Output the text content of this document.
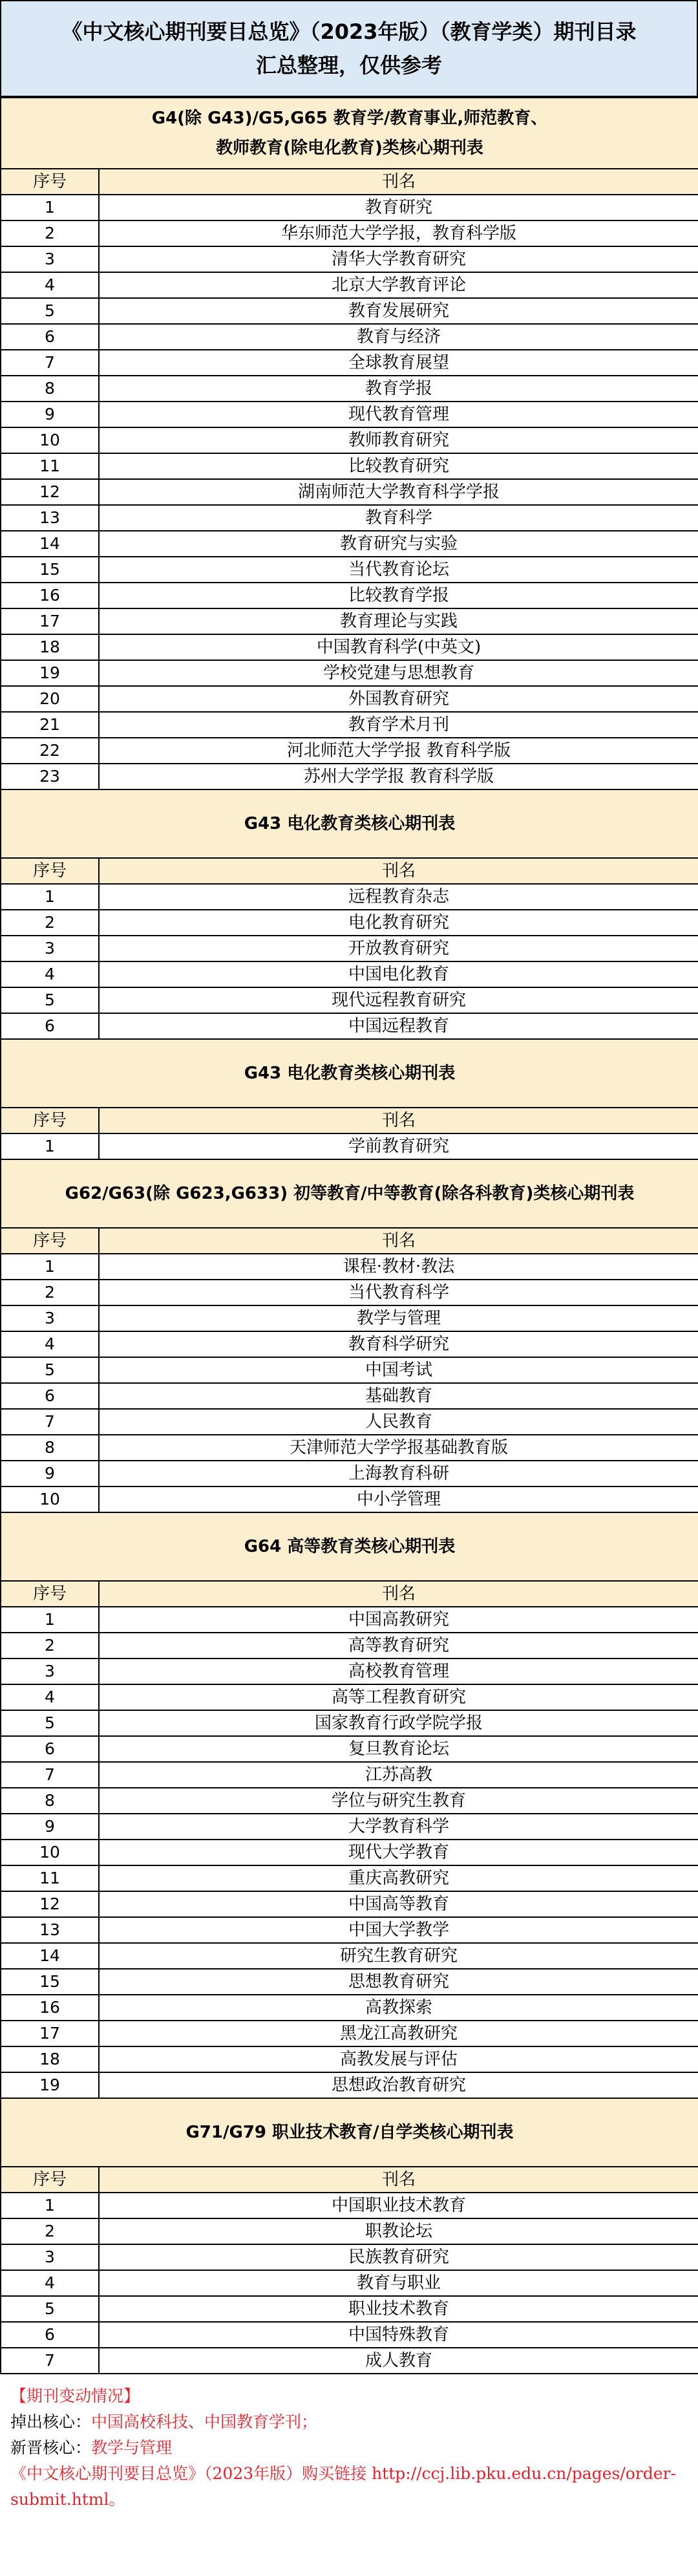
《中文核心期刊要目总览》（2023年版）（教育学类）期刊目录
汇总整理，仅供参考
G4(除 G43)/G5,G65 教育学/教育事业,师范教育、
教师教育(除电化教育)类核心期刊表	

序号	刊名
1	教育研究
2	华东师范大学学报，教育科学版
3	清华大学教育研究
4	北京大学教育评论
5	教育发展研究
6	教育与经济
7	全球教育展望
8	教育学报
9	现代教育管理
10	教师教育研究
11	比较教育研究
12	湖南师范大学教育科学学报
13	教育科学
14	教育研究与实验
15	当代教育论坛
16	比较教育学报
17	教育理论与实践
18	中国教育科学(中英文)
19	学校党建与思想教育
20	外国教育研究
21	教育学术月刊
22	河北师范大学学报 教育科学版
23	苏州大学学报 教育科学版

G43 电化教育类核心期刊表	

序号	刊名
1	远程教育杂志
2	电化教育研究
3	开放教育研究
4	中国电化教育
5	现代远程教育研究
6	中国远程教育

G43 电化教育类核心期刊表	

序号	刊名
1	学前教育研究

G62/G63(除 G623,G633) 初等教育/中等教育(除各科教育)类核心期刊表	

序号	刊名
1	课程·教材·教法
2	当代教育科学
3	教学与管理
4	教育科学研究
5	中国考试
6	基础教育
7	人民教育
8	天津师范大学学报基础教育版
9	上海教育科研
10	中小学管理

G64 高等教育类核心期刊表	

序号	刊名
1	中国高教研究
2	高等教育研究
3	高校教育管理
4	高等工程教育研究
5	国家教育行政学院学报
6	复旦教育论坛
7	江苏高教
8	学位与研究生教育
9	大学教育科学
10	现代大学教育
11	重庆高教研究
12	中国高等教育
13	中国大学教学
14	研究生教育研究
15	思想教育研究
16	高教探索
17	黑龙江高教研究
18	高教发展与评估
19	思想政治教育研究

G71/G79 职业技术教育/自学类核心期刊表	

序号	刊名
1	中国职业技术教育
2	职教论坛
3	民族教育研究
4	教育与职业
5	职业技术教育
6	中国特殊教育
7	成人教育
【期刊变动情况】
掉出核心：中国高校科技、中国教育学刊；
新晋核心：教学与管理
《中文核心期刊要目总览》（2023年版）购买链接 http://ccj.lib.pku.edu.cn/pages/order-submit.html。
